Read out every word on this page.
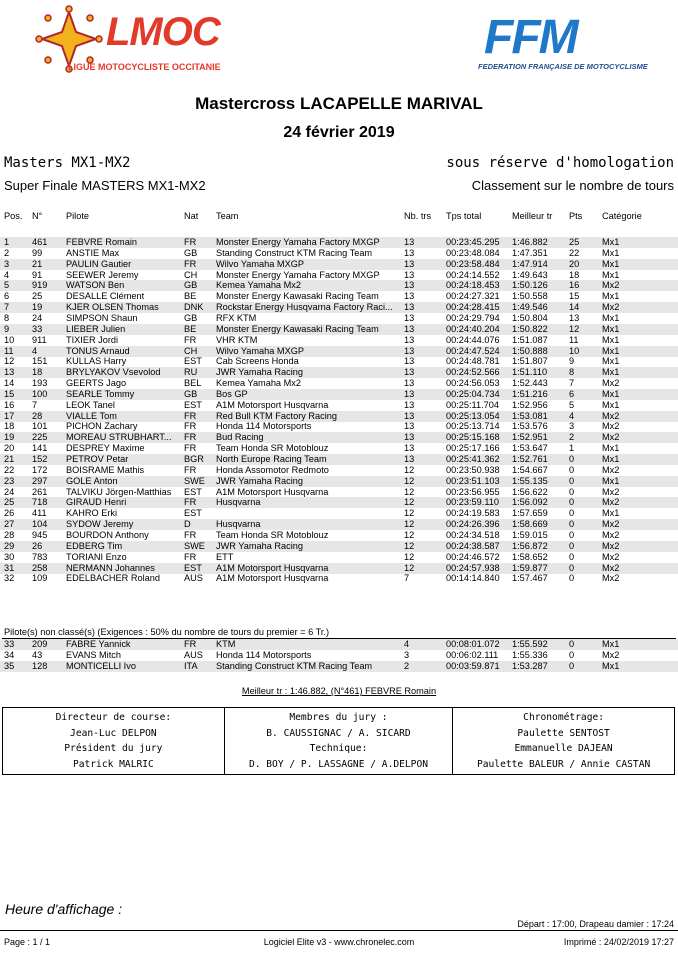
LMOC
LIGUE MOTOCYCLISTE OCCITANIE
FFM
FEDERATION FRANÇAISE DE MOTOCYCLISME
Mastercross LACAPELLE MARIVAL
24 février 2019
Masters MX1-MX2	sous réserve d'homologation
Super Finale MASTERS MX1-MX2	Classement sur le nombre de tours
Pos. N°	Pilote	Nat Team	Nb. trs Tps total	Meilleur tr Pts Catégorie
1 461 FEBVRE Romain	FR Monster Energy Yamaha Factory MXGP	13	00:23:45.295 1:46.882 25 Mx1
2 99	ANSTIE Max	GB Standing Construct KTM Racing Team	13	00:23:48.084 1:47.351 22 Mx1
3 21	PAULIN Gautier	FR Wilvo Yamaha MXGP	13	00:23:58.484 1:47.914 20 Mx1
4 91	SEEWER Jeremy	CH Monster Energy Yamaha Factory MXGP	13	00:24:14.552 1:49.643 18 Mx1
5 919 WATSON Ben	GB Kemea Yamaha Mx2	13	00:24:18.453 1:50.126 16 Mx2
6 25	DESALLE Clément	BE Monster Energy Kawasaki Racing Team	13	00:24:27.321 1:50.558 15 Mx1
7 19	KJER OLSEN Thomas	DNK Rockstar Energy Husqvarna Factory Raci...	13	00:24:28.415 1:49.546 14 Mx2
8 24	SIMPSON Shaun	GB RFX KTM	13	00:24:29.794 1:50.804 13 Mx1
9 33	LIEBER Julien	BE Monster Energy Kawasaki Racing Team	13	00:24:40.204 1:50.822 12 Mx1
10 911 TIXIER Jordi	FR VHR KTM	13	00:24:44.076 1:51.087 11	Mx1
11 4	TONUS Arnaud	CH Wilvo Yamaha MXGP	13	00:24:47.524 1:50.888 10 Mx1
12 151 KULLAS Harry	EST Cab Screens Honda	13	00:24:48.781 1:51.807 9	Mx1
13 18	BRYLYAKOV Vsevolod	RU JWR Yamaha Racing	13	00:24:52.566 1:51.110 8	Mx1
14 193 GEERTS Jago	BEL Kemea Yamaha Mx2	13	00:24:56.053 1:52.443 7	Mx2
15 100 SEARLE Tommy	GB Bos GP	13	00:25:04.734 1:51.216 6	Mx1
16 7	LEOK Tanel	EST A1M Motorsport Husqvarna	13	00:25:11.704 1:52.956 5	Mx1
17 28	VIALLE Tom	FR Red Bull KTM Factory Racing	13	00:25:13.054 1:53.081 4	Mx2
18 101 PICHON Zachary	FR Honda 114 Motorsports	13	00:25:13.714 1:53.576 3	Mx2
19 225 MOREAU STRUBHART... FR Bud Racing	13	00:25:15.168 1:52.951 2	Mx2
20 141 DESPREY Maxime	FR Team Honda SR Motoblouz	13	00:25:17.166 1:53.647 1	Mx1
21 152 PETROV Petar	BGR North Europe Racing Team	13	00:25:41.362 1:52.761 0	Mx1
22 172 BOISRAME Mathis	FR Honda Assomotor Redmoto	12	00:23:50.938 1:54.667 0	Mx2
23 297 GOLE Anton	SWE JWR Yamaha Racing	12	00:23:51.103 1:55.135 0	Mx1
24 261 TALVIKU Jörgen-Matthias EST A1M Motorsport Husqvarna	12	00:23:56.955 1:56.622 0	Mx2
25 718 GIRAUD Henri	FR Husqvarna	12	00:23:59.110 1:56.092 0	Mx2
26 411 KAHRO Erki	EST	12	00:24:19.583 1:57.659 0	Mx1
27 104 SYDOW Jeremy	D	Husqvarna	12	00:24:26.396 1:58.669 0	Mx2
28 945 BOURDON Anthony	FR Team Honda SR Motoblouz	12	00:24:34.518 1:59.015 0	Mx2
29 26	EDBERG Tim	SWE JWR Yamaha Racing	12	00:24:38.587 1:56.872 0	Mx2
30 783 TORIANI Enzo	FR ETT	12	00:24:46.572 1:58.652 0	Mx2
31 258 NERMANN Johannes	EST A1M Motorsport Husqvarna	12	00:24:57.938 1:59.877 0	Mx2
32 109 EDELBACHER Roland	AUS A1M Motorsport Husqvarna	7	00:14:14.840 1:57.467 0	Mx2
Pilote(s) non classé(s) (Exigences : 50% du nombre de tours du premier = 6 Tr.)
33 209 FABRE Yannick	FR KTM	4	00:08:01.072 1:55.592 0	Mx1
34 43	EVANS Mitch	AUS Honda 114 Motorsports	3	00:06:02.111 1:55.336 0	Mx2
35 128 MONTICELLI Ivo	ITA Standing Construct KTM Racing Team	2	00:03:59.871 1:53.287 0	Mx1
Meilleur tr : 1:46.882, (N°461) FEBVRE Romain
Directeur de course:
Jean-Luc DELPON
Président du jury
Patrick MALRIC

Membres du jury :
B. CAUSSIGNAC / A. SICARD
Technique:
D. BOY / P. LASSAGNE / A.DELPON

Chronométrage:
Paulette SENTOST
Emmanuelle DAJEAN
Paulette BALEUR / Annie CASTAN
Heure d'affichage :
Départ : 17:00, Drapeau damier : 17:24
Page : 1 / 1	Logiciel Elite v3 - www.chronelec.com	Imprimé : 24/02/2019 17:27
